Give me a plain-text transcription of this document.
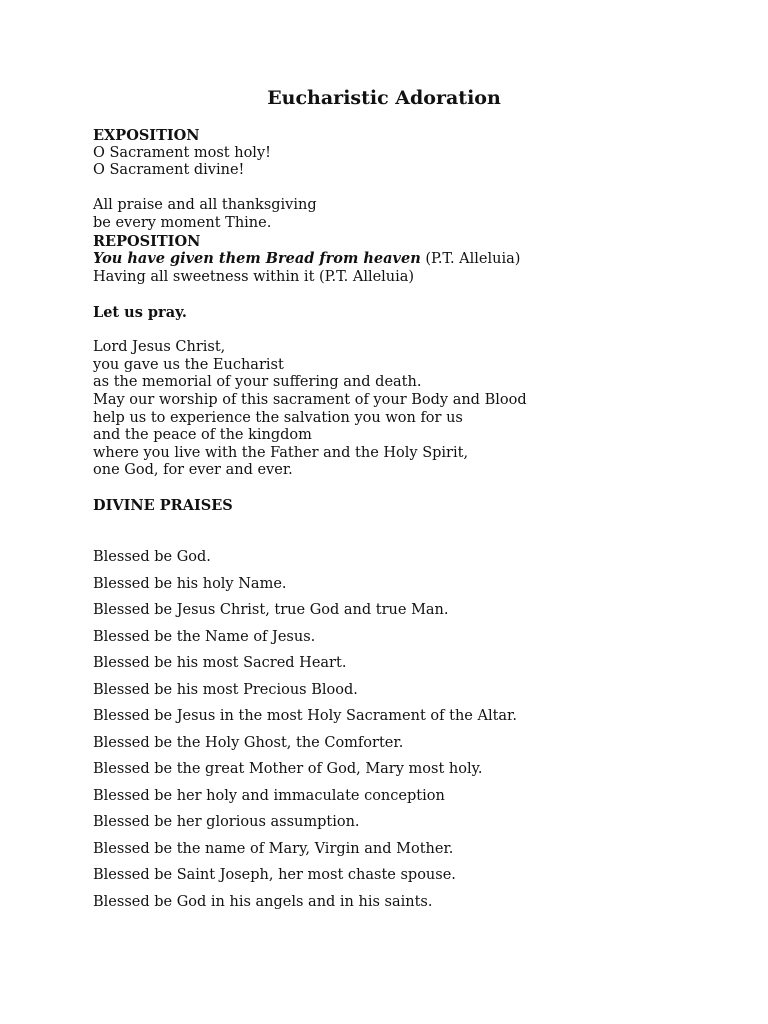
Eucharistic Adoration
EXPOSITION
O Sacrament most holy!
O Sacrament divine!
All praise and all thanksgiving
be every moment Thine.
REPOSITION
You have given them Bread from heaven (P.T. Alleluia)
Having all sweetness within it (P.T. Alleluia)
Let us pray.
Lord Jesus Christ,
you gave us the Eucharist
as the memorial of your suffering and death.
May our worship of this sacrament of your Body and Blood
help us to experience the salvation you won for us
and the peace of the kingdom
where you live with the Father and the Holy Spirit,
one God, for ever and ever.
DIVINE PRAISES
Blessed be God.
Blessed be his holy Name.
Blessed be Jesus Christ, true God and true Man.
Blessed be the Name of Jesus.
Blessed be his most Sacred Heart.
Blessed be his most Precious Blood.
Blessed be Jesus in the most Holy Sacrament of the Altar.
Blessed be the Holy Ghost, the Comforter.
Blessed be the great Mother of God, Mary most holy.
Blessed be her holy and immaculate conception
Blessed be her glorious assumption.
Blessed be the name of Mary, Virgin and Mother.
Blessed be Saint Joseph, her most chaste spouse.
Blessed be God in his angels and in his saints.
